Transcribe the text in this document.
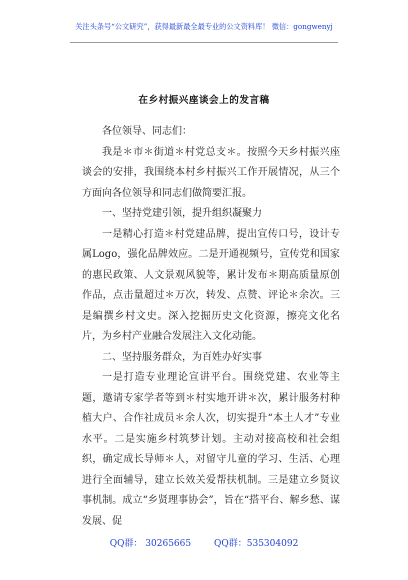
关注头条号“公文研究”，获得最新最全最专业的公文资料库！ 微信：gongwenyj
在乡村振兴座谈会上的发言稿

各位领导、同志们：

我是＊市＊街道＊村党总支＊。按照今天乡村振兴座谈会的安排，我围绕本村乡村振兴工作开展情况，从三个方面向各位领导和同志们做简要汇报。

一、坚持党建引领，提升组织凝聚力

一是精心打造＊村党建品牌，提出宣传口号，设计专属Logo，强化品牌效应。二是开通视频号，宣传党和国家的惠民政策、人文景观风貌等，累计发布＊期高质量原创作品，点击量超过＊万次，转发、点赞、评论＊余次。三是编撰乡村文史。深入挖掘历史文化资源，擦亮文化名片，为乡村产业融合发展注入文化动能。

二、坚持服务群众，为百姓办好实事

一是打造专业理论宣讲平台。围绕党建、农业等主题，邀请专家学者等到＊村实地开讲＊次，累计服务村种植大户、合作社成员＊余人次，切实提升“本土人才”专业水平。二是实施乡村筑梦计划。主动对接高校和社会组织，确定成长导师＊人，对留守儿童的学习、生活、心理进行全面辅导，建立长效关爱帮扶机制。三是建立乡贤议事机制。成立“乡贤理事协会”，旨在“搭平台、解乡愁、谋发展、促

QQ群： 30265665	QQ群：535304092
